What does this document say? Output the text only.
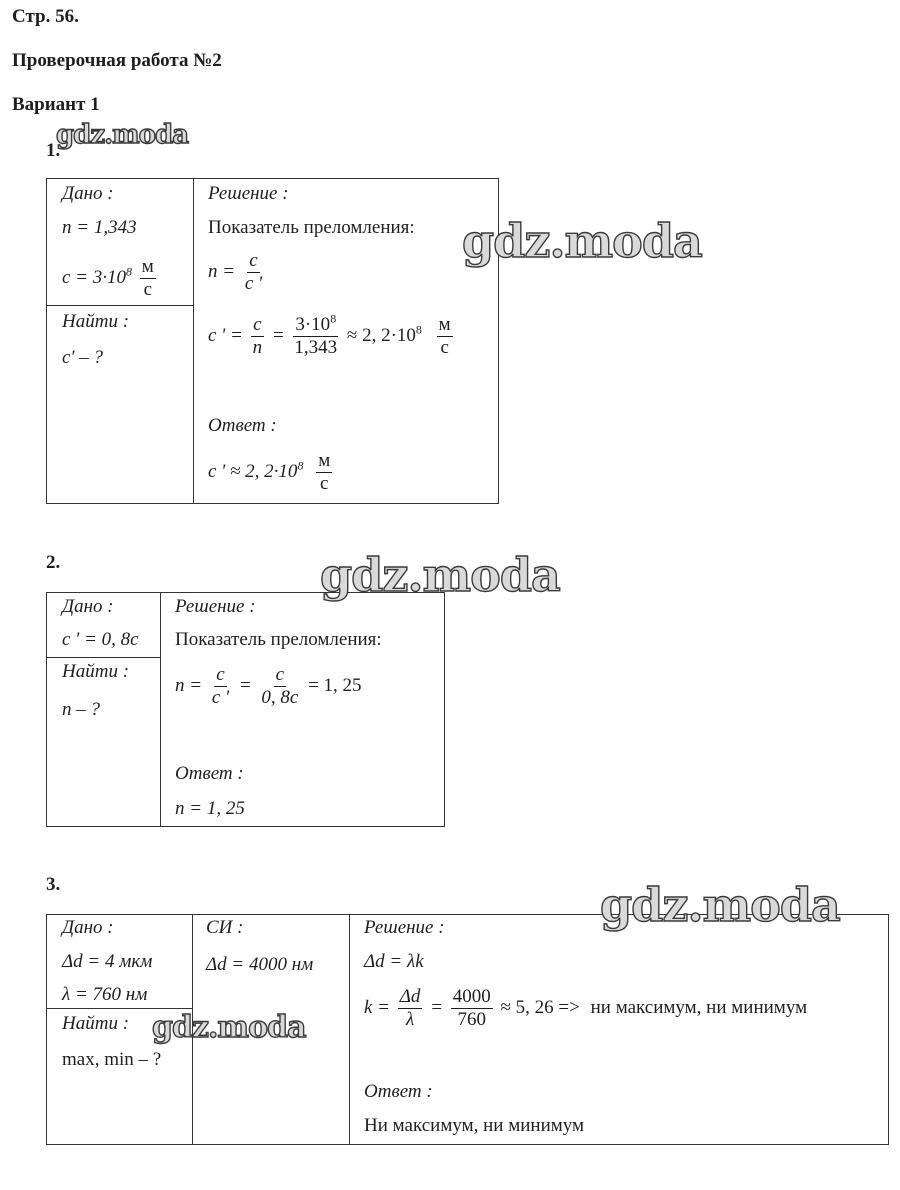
Стр. 56.
Проверочная работа №2
Вариант 1
gdz.moda
gdz.moda
gdz.moda
gdz.moda
gdz.moda
1.
Дано :
n = 1,343
$c = 3\cdot 10^8 \frac{м}{с}$
Найти :
c' – ?
Решение :
Показатель преломления:
$n = \frac{c}{c '}$
c ' = $\frac{c}{n} = \frac{3\cdot 10^8}{1,343} \approx 2$, $2\cdot 10^8 \frac{м}{с}$
Ответ :
c ' ≈ 2, $2\cdot 10^8 \frac{м}{с}$
2.
Дано :
c ' = 0, 8c
Найти :
n – ?
Решение :
Показатель преломления:
$n = \frac{c}{c '} = \frac{c}{0, 8c} = 1$, 25
Ответ :
n = 1, 25
3.
Дано :
Δd = 4 мкм
λ = 760 нм
Найти :
max, min – ?
СИ :
Δd = 4000 нм
Решение :
Δd = λk
$k = \frac{\Delta d}{\lambda} = \frac{4000}{760} \approx 5$, 26 => ни максимум, ни минимум
Ответ :
Ни максимум, ни минимум
